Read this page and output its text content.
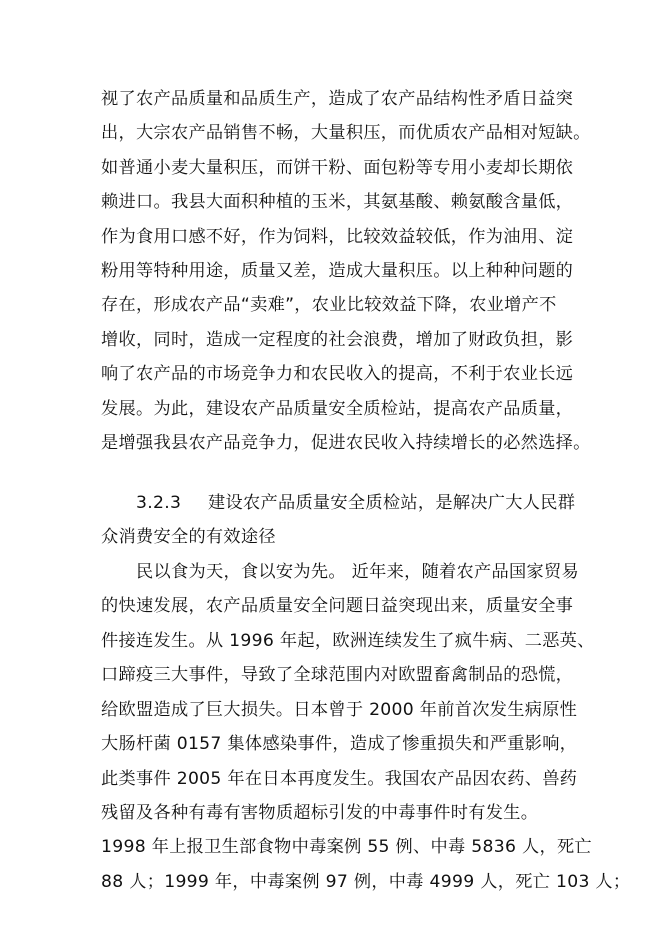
视了农产品质量和品质生产，造成了农产品结构性矛盾日益突
出，大宗农产品销售不畅，大量积压，而优质农产品相对短缺。
如普通小麦大量积压，而饼干粉、面包粉等专用小麦却长期依
赖进口。我县大面积种植的玉米，其氨基酸、赖氨酸含量低，
作为食用口感不好，作为饲料，比较效益较低，作为油用、淀
粉用等特种用途，质量又差，造成大量积压。以上种种问题的
存在，形成农产品“卖难”，农业比较效益下降，农业增产不
增收，同时，造成一定程度的社会浪费，增加了财政负担，影
响了农产品的市场竞争力和农民收入的提高，不利于农业长远
发展。为此，建设农产品质量安全质检站，提高农产品质量，
是增强我县农产品竞争力，促进农民收入持续增长的必然选择。
3.2.3 建设农产品质量安全质检站，是解决广大人民群
众消费安全的有效途径
民以食为天，食以安为先。 近年来，随着农产品国家贸易
的快速发展，农产品质量安全问题日益突现出来，质量安全事
件接连发生。从 1996 年起，欧洲连续发生了疯牛病、二恶英、
口蹄疫三大事件，导致了全球范围内对欧盟畜禽制品的恐慌，
给欧盟造成了巨大损失。日本曾于 2000 年前首次发生病原性
大肠杆菌 0157 集体感染事件，造成了惨重损失和严重影响，
此类事件 2005 年在日本再度发生。我国农产品因农药、兽药
残留及各种有毒有害物质超标引发的中毒事件时有发生。
1998 年上报卫生部食物中毒案例 55 例、中毒 5836 人，死亡
88 人；1999 年，中毒案例 97 例，中毒 4999 人，死亡 103 人；
